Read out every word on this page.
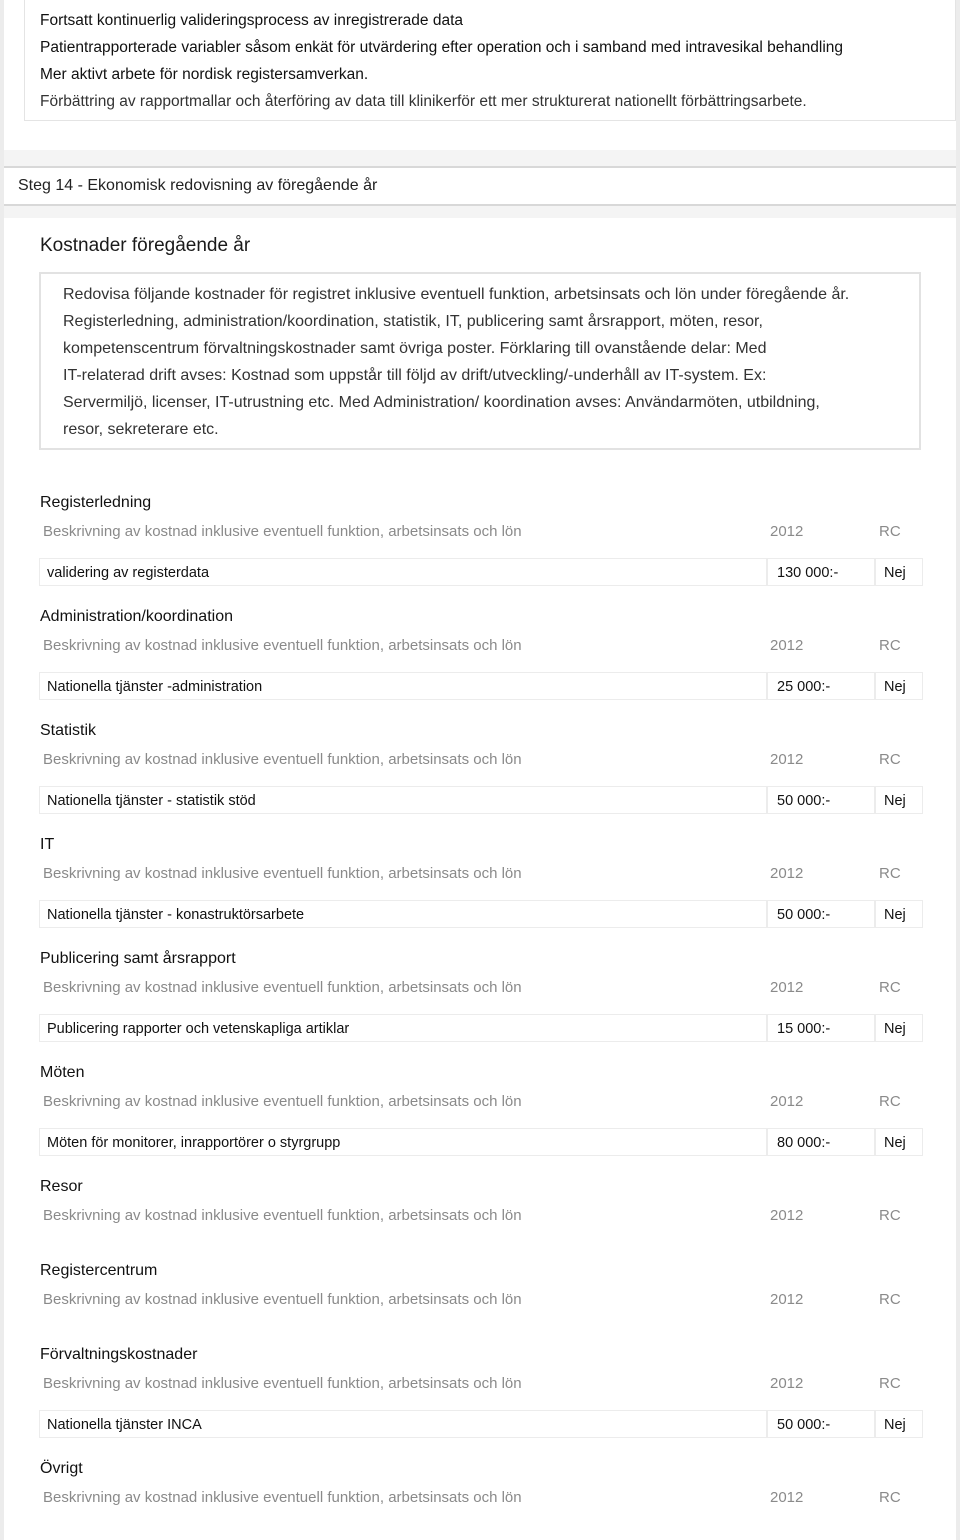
Fortsatt kontinuerlig valideringsprocess av inregistrerade data
Patientrapporterade variabler såsom enkät för utvärdering efter operation och i samband med intravesikal behandling
Mer aktivt arbete för nordisk registersamverkan.
Förbättring av rapportmallar och återföring av data till klinikerför ett mer strukturerat nationellt förbättringsarbete.
Steg 14 - Ekonomisk redovisning av föregående år
Kostnader föregående år
Redovisa följande kostnader för registret inklusive eventuell funktion, arbetsinsats och lön under föregående år.
Registerledning, administration/koordination, statistik, IT, publicering samt årsrapport, möten, resor,
kompetenscentrum förvaltningskostnader samt övriga poster. Förklaring till ovanstående delar: Med
IT-relaterad drift avses: Kostnad som uppstår till följd av drift/utveckling/-underhåll av IT-system. Ex:
Servermiljö, licenser, IT-utrustning etc. Med Administration/ koordination avses: Användarmöten, utbildning,
resor, sekreterare etc.
Registerledning
Beskrivning av kostnad inklusive eventuell funktion, arbetsinsats och lön	2012	RC
validering av registerdata	130 000:-	Nej
Administration/koordination
Beskrivning av kostnad inklusive eventuell funktion, arbetsinsats och lön	2012	RC
Nationella tjänster -administration	25 000:-	Nej
Statistik
Beskrivning av kostnad inklusive eventuell funktion, arbetsinsats och lön	2012	RC
Nationella tjänster - statistik stöd	50 000:-	Nej
IT
Beskrivning av kostnad inklusive eventuell funktion, arbetsinsats och lön	2012	RC
Nationella tjänster - konastruktörsarbete	50 000:-	Nej
Publicering samt årsrapport
Beskrivning av kostnad inklusive eventuell funktion, arbetsinsats och lön	2012	RC
Publicering rapporter och vetenskapliga artiklar	15 000:-	Nej
Möten
Beskrivning av kostnad inklusive eventuell funktion, arbetsinsats och lön	2012	RC
Möten för monitorer, inrapportörer o styrgrupp	80 000:-	Nej
Resor
Beskrivning av kostnad inklusive eventuell funktion, arbetsinsats och lön	2012	RC
Registercentrum
Beskrivning av kostnad inklusive eventuell funktion, arbetsinsats och lön	2012	RC
Förvaltningskostnader
Beskrivning av kostnad inklusive eventuell funktion, arbetsinsats och lön	2012	RC
Nationella tjänster INCA	50 000:-	Nej
Övrigt
Beskrivning av kostnad inklusive eventuell funktion, arbetsinsats och lön	2012	RC
